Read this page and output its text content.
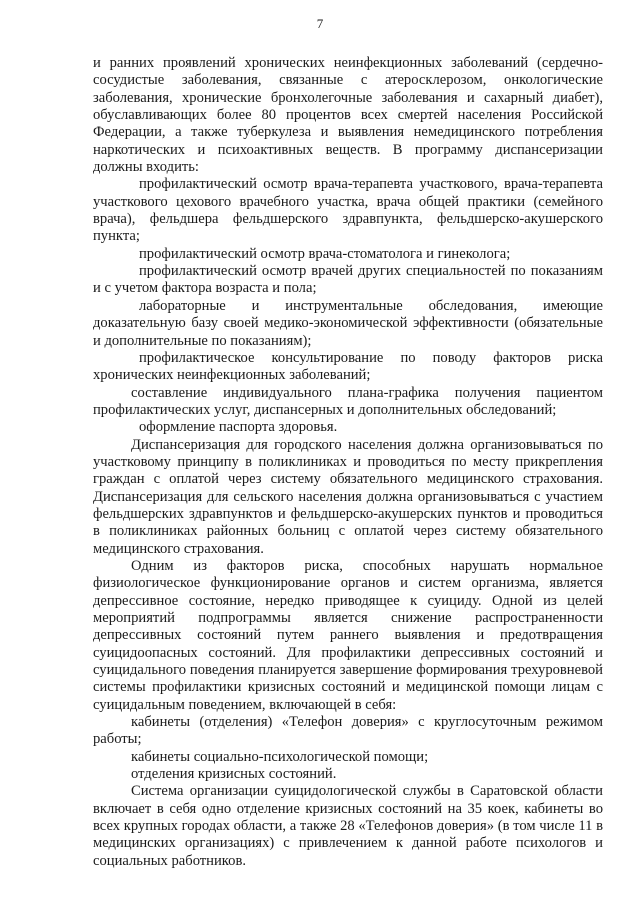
7

и ранних проявлений хронических неинфекционных заболеваний (сердечно-сосудистые заболевания, связанные с атеросклерозом, онкологические заболевания, хронические бронхолегочные заболевания и сахарный диабет), обуславливающих более 80 процентов всех смертей населения Российской Федерации, а также туберкулеза и выявления немедицинского потребления наркотических и психоактивных веществ. В программу диспансеризации должны входить:

профилактический осмотр врача-терапевта участкового, врача-терапевта участкового цехового врачебного участка, врача общей практики (семейного врача), фельдшера фельдшерского здравпункта, фельдшерско-акушерского пункта;

профилактический осмотр врача-стоматолога и гинеколога;

профилактический осмотр врачей других специальностей по показаниям и с учетом фактора возраста и пола;

лабораторные и инструментальные обследования, имеющие доказательную базу своей медико-экономической эффективности (обязательные и дополнительные по показаниям);

профилактическое консультирование по поводу факторов риска хронических неинфекционных заболеваний;

составление индивидуального плана-графика получения пациентом профилактических услуг, диспансерных и дополнительных обследований;

оформление паспорта здоровья.

Диспансеризация для городского населения должна организовываться по участковому принципу в поликлиниках и проводиться по месту прикрепления граждан с оплатой через систему обязательного медицинского страхования. Диспансеризация для сельского населения должна организовываться с участием фельдшерских здравпунктов и фельдшерско-акушерских пунктов и проводиться в поликлиниках районных больниц с оплатой через систему обязательного медицинского страхования.

Одним из факторов риска, способных нарушать нормальное физиологическое функционирование органов и систем организма, является депрессивное состояние, нередко приводящее к суициду. Одной из целей мероприятий подпрограммы является снижение распространенности депрессивных состояний путем раннего выявления и предотвращения суицидоопасных состояний. Для профилактики депрессивных состояний и суицидального поведения планируется завершение формирования трехуровневой системы профилактики кризисных состояний и медицинской помощи лицам с суицидальным поведением, включающей в себя:

кабинеты (отделения) «Телефон доверия» с круглосуточным режимом работы;

кабинеты социально-психологической помощи;

отделения кризисных состояний.

Система организации суицидологической службы в Саратовской области включает в себя одно отделение кризисных состояний на 35 коек, кабинеты во всех крупных городах области, а также 28 «Телефонов доверия» (в том числе 11 в медицинских организациях) с привлечением к данной работе психологов и социальных работников.
